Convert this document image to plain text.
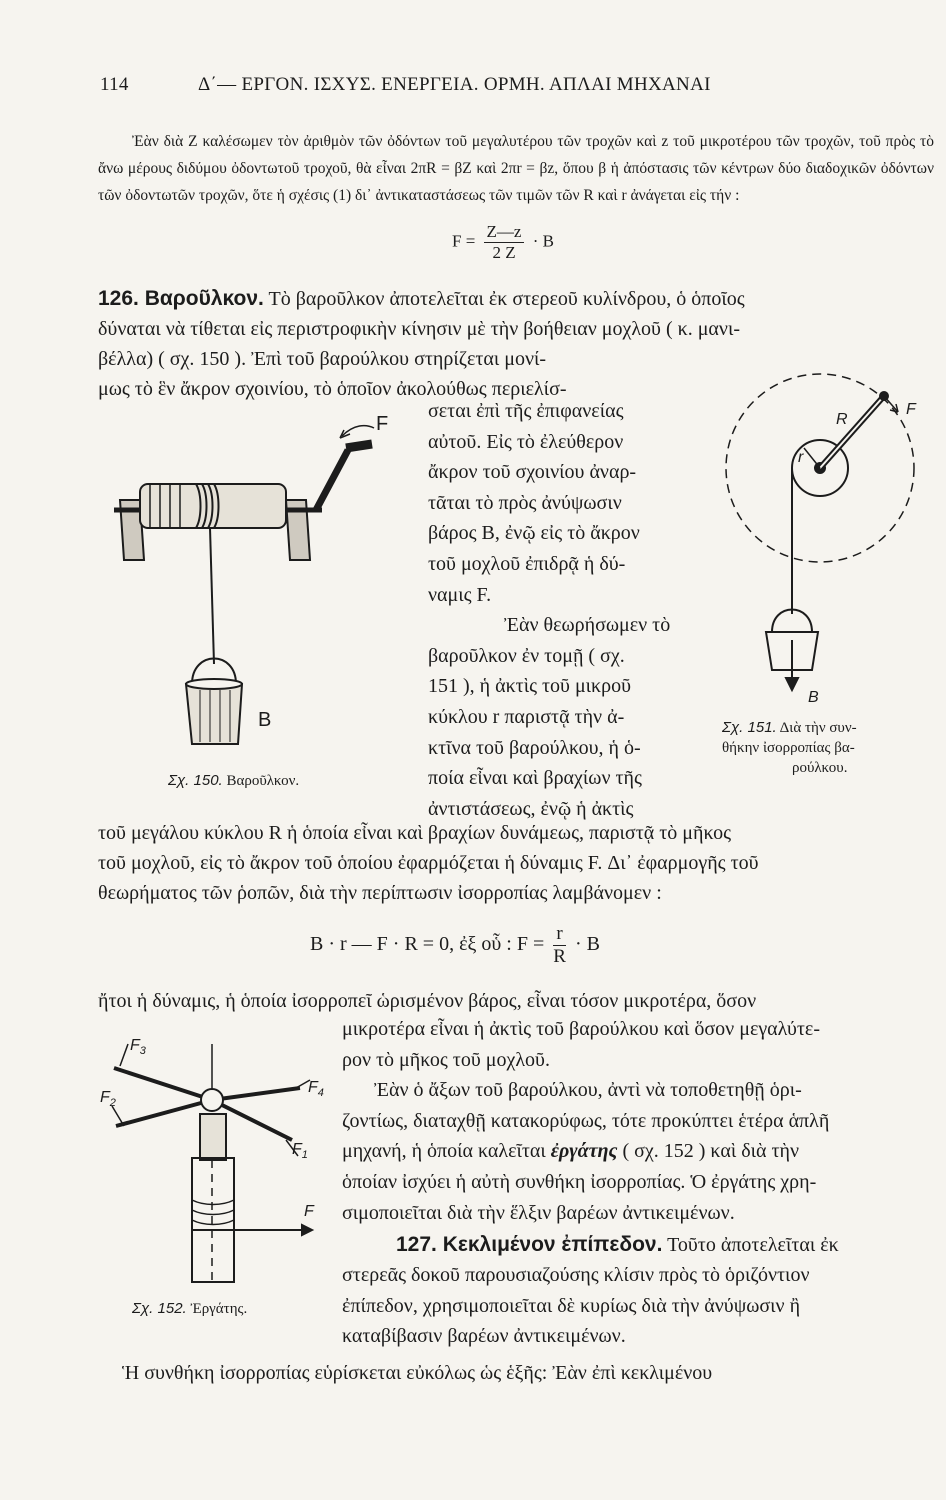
114	Δ΄— ΕΡΓΟΝ. ΙΣΧΥΣ. ΕΝΕΡΓΕΙΑ. ΟΡΜΗ. ΑΠΛΑΙ ΜΗΧΑΝΑΙ

Ἐὰν διὰ Ζ καλέσωμεν τὸν ἀριθμὸν τῶν ὀδόντων τοῦ μεγαλυτέρου τῶν τροχῶν καὶ z τοῦ μικροτέρου τῶν τροχῶν, τοῦ πρὸς τὸ ἄνω μέρους διδύμου ὀδοντωτοῦ τροχοῦ, θὰ εἶναι 2πR = βZ καὶ 2πr = βz, ὅπου β ἡ ἀπόστασις τῶν κέντρων δύο διαδοχικῶν ὀδόντων τῶν ὀδοντωτῶν τροχῶν, ὅτε ἡ σχέσις (1) δι᾽ ἀντικαταστάσεως τῶν τιμῶν τῶν R καὶ r ἀνάγεται εἰς τήν :

$F = \frac{Z—z}{2 Z} \cdot B$
126. Βαροῦλκον. Τὸ βαροῦλκον ἀποτελεῖται ἐκ στερεοῦ κυλίνδρου, ὁ ὁποῖος
δύναται νὰ τίθεται εἰς περιστροφικὴν κίνησιν μὲ τὴν βοήθειαν μοχλοῦ ( κ. μανι-
βέλλα) ( σχ. 150 ). Ἐπὶ τοῦ βαρούλκου στηρίζεται μονί-
μως τὸ ἓν ἄκρον σχοινίου, τὸ ὁποῖον ἀκολούθως περιελίσ-
σεται ἐπὶ τῆς ἐπιφανείας
αὐτοῦ. Εἰς τὸ ἐλεύθερον
ἄκρον τοῦ σχοινίου ἀναρ-
τᾶται τὸ πρὸς ἀνύψωσιν
βάρος Β, ἐνῷ εἰς τὸ ἄκρον
τοῦ μοχλοῦ ἐπιδρᾷ ἡ δύ-
ναμις F.
Ἐὰν θεωρήσωμεν τὸ
βαροῦλκον ἐν τομῇ ( σχ.
151 ), ἡ ἀκτὶς τοῦ μικροῦ
κύκλου r παριστᾷ τὴν ἀ-
κτῖνα τοῦ βαρούλκου, ἡ ὁ-
ποία εἶναι καὶ βραχίων τῆς
ἀντιστάσεως, ἐνῷ ἡ ἀκτὶς
τοῦ μεγάλου κύκλου R ἡ ὁποία εἶναι καὶ βραχίων δυνάμεως, παριστᾷ τὸ μῆκος
τοῦ μοχλοῦ, εἰς τὸ ἄκρον τοῦ ὁποίου ἐφαρμόζεται ἡ δύναμις F. Δι᾽ ἐφαρμογῆς τοῦ
θεωρήματος τῶν ῥοπῶν, διὰ τὴν περίπτωσιν ἰσορροπίας λαμβάνομεν :
B · r — F · R = 0, ἐξ οὗ : $F = \frac{r}{R} \cdot B$
ἤτοι ἡ δύναμις, ἡ ὁποία ἰσορροπεῖ ὡρισμένον βάρος, εἶναι τόσον μικροτέρα, ὅσον
μικροτέρα εἶναι ἡ ἀκτὶς τοῦ βαρούλκου καὶ ὅσον μεγαλύτε-
ρον τὸ μῆκος τοῦ μοχλοῦ.
Ἐὰν ὁ ἄξων τοῦ βαρούλκου, ἀντὶ νὰ τοποθετηθῇ ὁρι-
ζοντίως, διαταχθῇ κατακορύφως, τότε προκύπτει ἑτέρα ἁπλῆ
μηχανή, ἡ ὁποία καλεῖται ἐργάτης ( σχ. 152 ) καὶ διὰ τὴν
ὁποίαν ἰσχύει ἡ αὐτὴ συνθήκη ἰσορροπίας. Ὁ ἐργάτης χρη-
σιμοποιεῖται διὰ τὴν ἕλξιν βαρέων ἀντικειμένων.
127. Κεκλιμένον ἐπίπεδον. Τοῦτο ἀποτελεῖται ἐκ
στερεᾶς δοκοῦ παρουσιαζούσης κλίσιν πρὸς τὸ ὁριζόντιον
ἐπίπεδον, χρησιμοποιεῖται δὲ κυρίως διὰ τὴν ἀνύψωσιν ἢ
καταβίβασιν βαρέων ἀντικειμένων.
Ἡ συνθήκη ἰσορροπίας εὑρίσκεται εὐκόλως ὡς ἑξῆς: Ἐὰν ἐπὶ κεκλιμένου
F
B
Σχ. 150. Βαροῦλκον.
R
r
F
B
Σχ. 151. Διὰ τὴν συν-
θήκην ἰσορροπίας βα-
ρούλκου.
$F_3$
$F_2$
$F_4$
$F_1$
F
Σχ. 152. Ἐργάτης.
